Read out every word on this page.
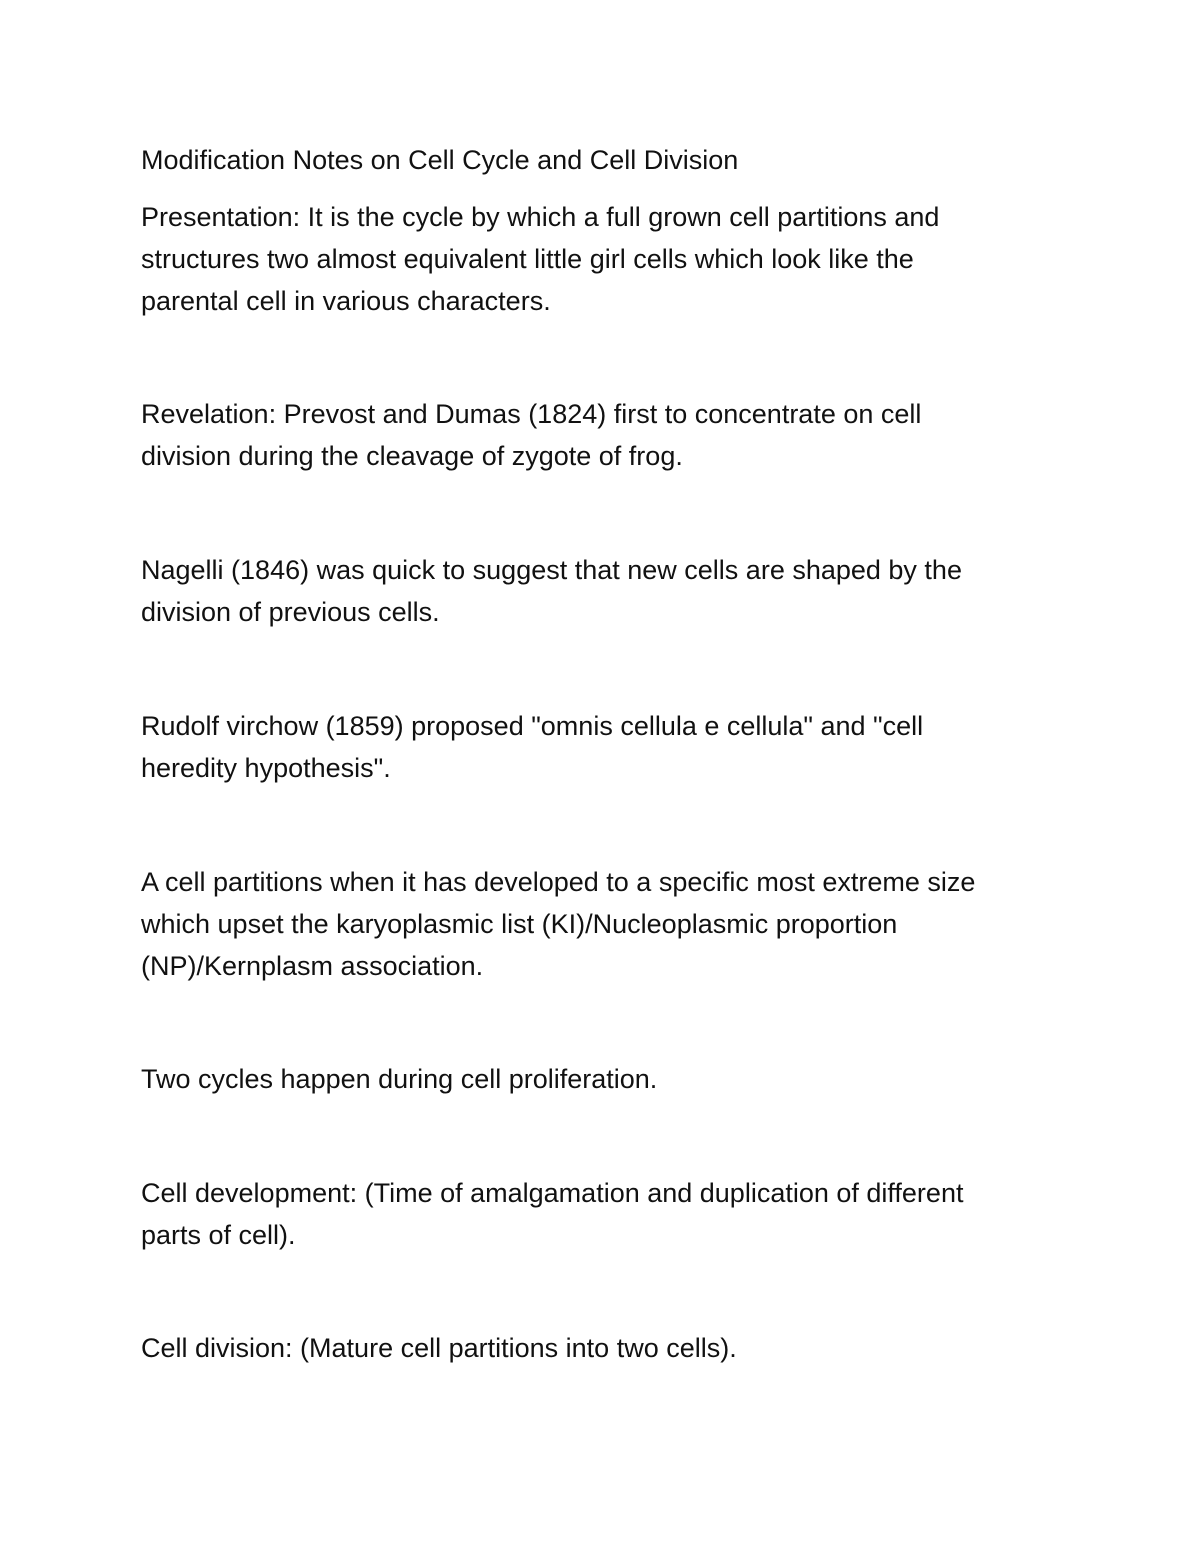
Modification Notes on Cell Cycle and Cell Division

Presentation: It is the cycle by which a full grown cell partitions and

structures two almost equivalent little girl cells which look like the

parental cell in various characters.

Revelation: Prevost and Dumas (1824) first to concentrate on cell

division during the cleavage of zygote of frog.

Nagelli (1846) was quick to suggest that new cells are shaped by the

division of previous cells.

Rudolf virchow (1859) proposed "omnis cellula e cellula" and "cell

heredity hypothesis".

A cell partitions when it has developed to a specific most extreme size

which upset the karyoplasmic list (KI)/Nucleoplasmic proportion

(NP)/Kernplasm association.

Two cycles happen during cell proliferation.

Cell development: (Time of amalgamation and duplication of different

parts of cell).

Cell division: (Mature cell partitions into two cells).
